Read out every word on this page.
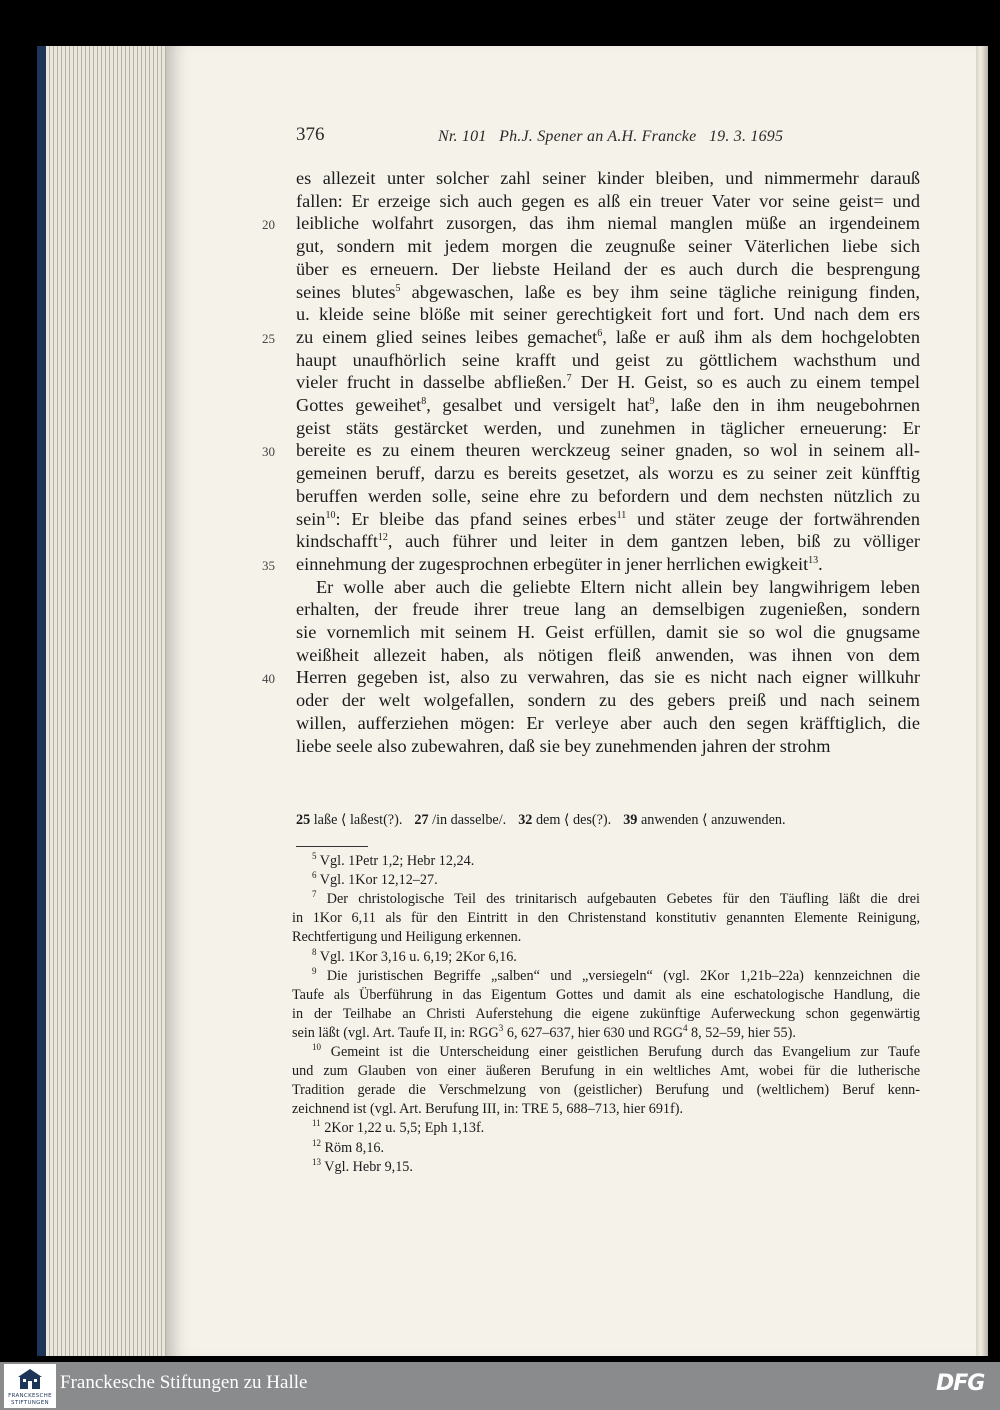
376	Nr. 101   Ph.J. Spener an A.H. Francke   19. 3. 1695
es allezeit unter solcher zahl seiner kinder bleiben, und nimmermehr darauß
fallen: Er erzeige sich auch gegen es alß ein treuer Vater vor seine geist= und
leibliche wolfahrt zusorgen, das ihm niemal manglen müße an irgendeinem
gut, sondern mit jedem morgen die zeugnuße seiner Väterlichen liebe sich
über es erneuern. Der liebste Heiland der es auch durch die besprengung
seines blutes$^5$ abgewaschen, laße es bey ihm seine tägliche reinigung finden,
u. kleide seine blöße mit seiner gerechtigkeit fort und fort. Und nach dem ers
zu einem glied seines leibes gemachet$^6$, laße er auß ihm als dem hochgelobten
haupt unaufhörlich seine krafft und geist zu göttlichem wachsthum und
vieler frucht in dasselbe abfließen.$^7$ Der H. Geist, so es auch zu einem tempel
Gottes geweihet$^8$, gesalbet und versigelt hat$^9$, laße den in ihm neugebohrnen
geist stäts gestärcket werden, und zunehmen in täglicher erneuerung: Er
bereite es zu einem theuren werckzeug seiner gnaden, so wol in seinem all-
gemeinen beruff, darzu es bereits gesetzet, als worzu es zu seiner zeit künfftig
beruffen werden solle, seine ehre zu befordern und dem nechsten nützlich zu
sein$^{10}$: Er bleibe das pfand seines erbes$^{11}$ und stäter zeuge der fortwährenden
kindschafft$^{12}$, auch führer und leiter in dem gantzen leben, biß zu völliger
einnehmung der zugesprochnen erbegüter in jener herrlichen ewigkeit$^{13}$.
Er wolle aber auch die geliebte Eltern nicht allein bey langwihrigem leben
erhalten, der freude ihrer treue lang an demselbigen zugenießen, sondern
sie vornemlich mit seinem H. Geist erfüllen, damit sie so wol die gnugsame
weißheit allezeit haben, als nötigen fleiß anwenden, was ihnen von dem
Herren gegeben ist, also zu verwahren, das sie es nicht nach eigner willkuhr
oder der welt wolgefallen, sondern zu des gebers preiß und nach seinem
willen, aufferziehen mögen: Er verleye aber auch den segen kräfftiglich, die
liebe seele also zubewahren, daß sie bey zunehmenden jahren der strohm
20
25
30
35
40
25 laße ⟨ laßest(?). 27 /in dasselbe/. 32 dem ⟨ des(?). 39 anwenden ⟨ anzuwenden.
$^5$ Vgl. 1Petr 1,2; Hebr 12,24.
$^6$ Vgl. 1Kor 12,12–27.
$^7$ Der christologische Teil des trinitarisch aufgebauten Gebetes für den Täufling läßt die drei
in 1Kor 6,11 als für den Eintritt in den Christenstand konstitutiv genannten Elemente Reinigung,
Rechtfertigung und Heiligung erkennen.
$^8$ Vgl. 1Kor 3,16 u. 6,19; 2Kor 6,16.
$^9$ Die juristischen Begriffe „salben“ und „versiegeln“ (vgl. 2Kor 1,21b–22a) kennzeichnen die
Taufe als Überführung in das Eigentum Gottes und damit als eine eschatologische Handlung, die
in der Teilhabe an Christi Auferstehung die eigene zukünftige Auferweckung schon gegenwärtig
sein läßt (vgl. Art. Taufe II, in: RGG$^3$ 6, 627–637, hier 630 und RGG$^4$ 8, 52–59, hier 55).
$^{10}$ Gemeint ist die Unterscheidung einer geistlichen Berufung durch das Evangelium zur Taufe
und zum Glauben von einer äußeren Berufung in ein weltliches Amt, wobei für die lutherische
Tradition gerade die Verschmelzung von (geistlicher) Berufung und (weltlichem) Beruf kenn-
zeichnend ist (vgl. Art. Berufung III, in: TRE 5, 688–713, hier 691f).
$^{11}$ 2Kor 1,22 u. 5,5; Eph 1,13f.
$^{12}$ Röm 8,16.
$^{13}$ Vgl. Hebr 9,15.
FRANCKESCHE
STIFTUNGEN
Franckesche Stiftungen zu Halle	DFG
